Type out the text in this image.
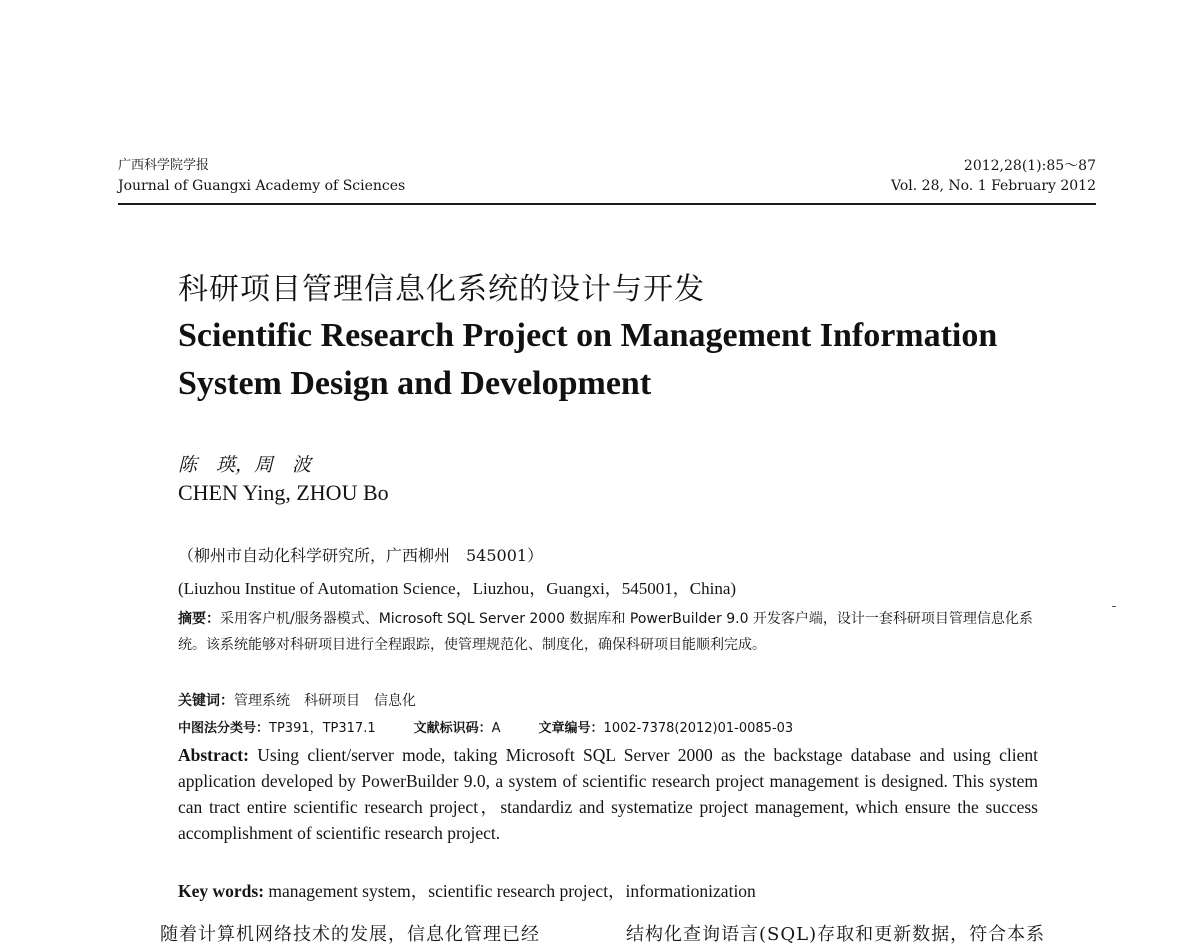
广西科学院学报
Journal of Guangxi Academy of Sciences
2012,28(1):85～87
Vol. 28, No. 1 February 2012
科研项目管理信息化系统的设计与开发
Scientific Research Project on Management Information System Design and Development
陈　瑛，周　波
CHEN Ying, ZHOU Bo
（柳州市自动化科学研究所，广西柳州　545001）
(Liuzhou Institue of Automation Science，Liuzhou，Guangxi，545001，China)
摘要：采用客户机/服务器模式、Microsoft SQL Server 2000 数据库和 PowerBuilder 9.0 开发客户端，设计一套科研项目管理信息化系统。该系统能够对科研项目进行全程跟踪，使管理规范化、制度化，确保科研项目能顺利完成。
关键词：管理系统　科研项目　信息化
中图法分类号：TP391，TP317.1	文献标识码：A	文章编号：1002-7378(2012)01-0085-03
Abstract: Using client/server mode, taking Microsoft SQL Server 2000 as the backstage database and using client application developed by PowerBuilder 9.0, a system of scientific research project management is designed. This system can tract entire scientific research project，standardiz and systematize project management, which ensure the success accomplishment of scientific research project.
Key words: management system，scientific research project，informationization
随着计算机网络技术的发展，信息化管理已经	结构化查询语言(SQL)存取和更新数据，符合本系
